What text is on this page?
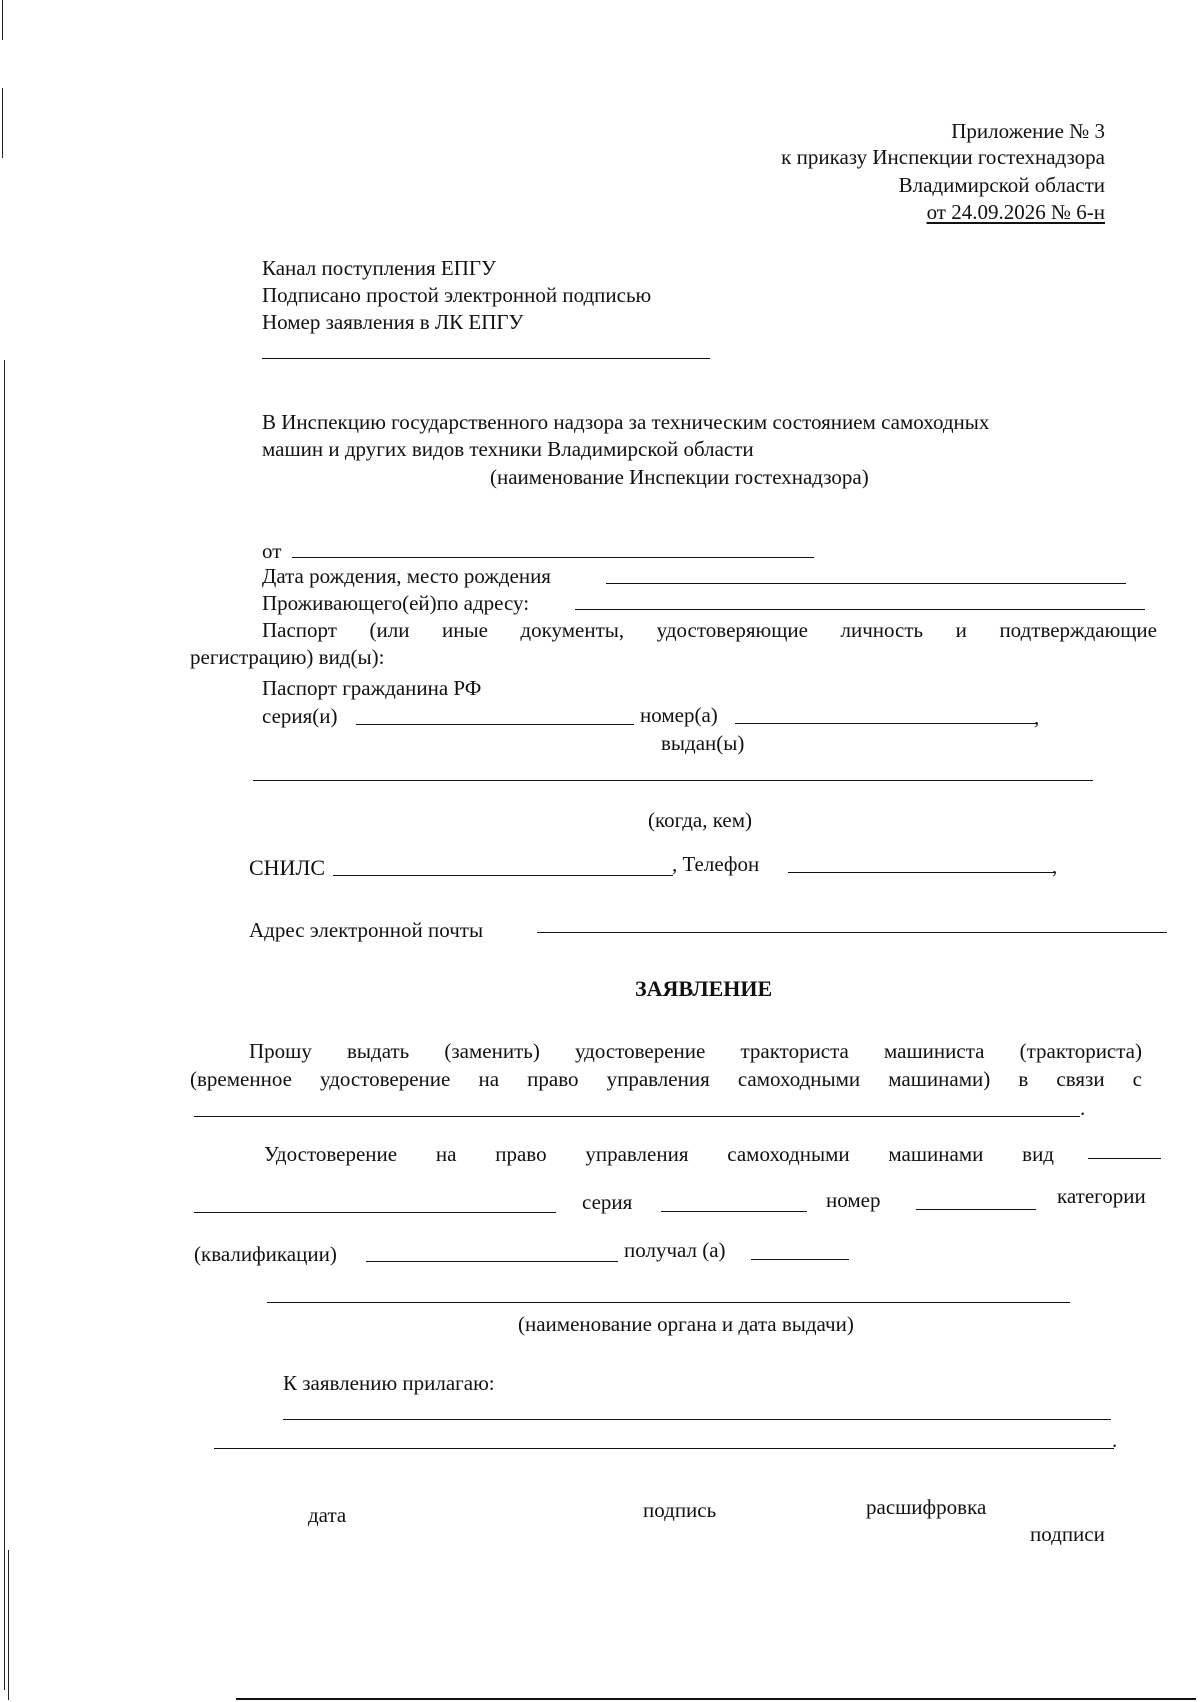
Приложение № 3
к приказу Инспекции гостехнадзора
Владимирской области
от 24.09.2026 № 6-н
Канал поступления ЕПГУ
Подписано простой электронной подписью
Номер заявления в ЛК ЕПГУ
В Инспекцию государственного надзора за техническим состоянием самоходных
машин и других видов техники Владимирской области
(наименование Инспекции гостехнадзора)
от
Дата рождения, место рождения
Проживающего(ей)по адресу:
Паспорт (или иные документы, удостоверяющие личность и подтверждающие
регистрацию) вид(ы):
Паспорт гражданина РФ
серия(и)	номер(а)	,
выдан(ы)
(когда, кем)
СНИЛС	, Телефон	,
Адрес электронной почты
ЗАЯВЛЕНИЕ
Прошу выдать (заменить) удостоверение тракториста машиниста (тракториста)
(временное удостоверение на право управления самоходными машинами) в связи с
.
Удостоверение на право управления самоходными машинами вид
серия	номер	категории
(квалификации)	получал (а)
(наименование органа и дата выдачи)
К заявлению прилагаю:
.
дата	подпись	расшифровка
подписи
